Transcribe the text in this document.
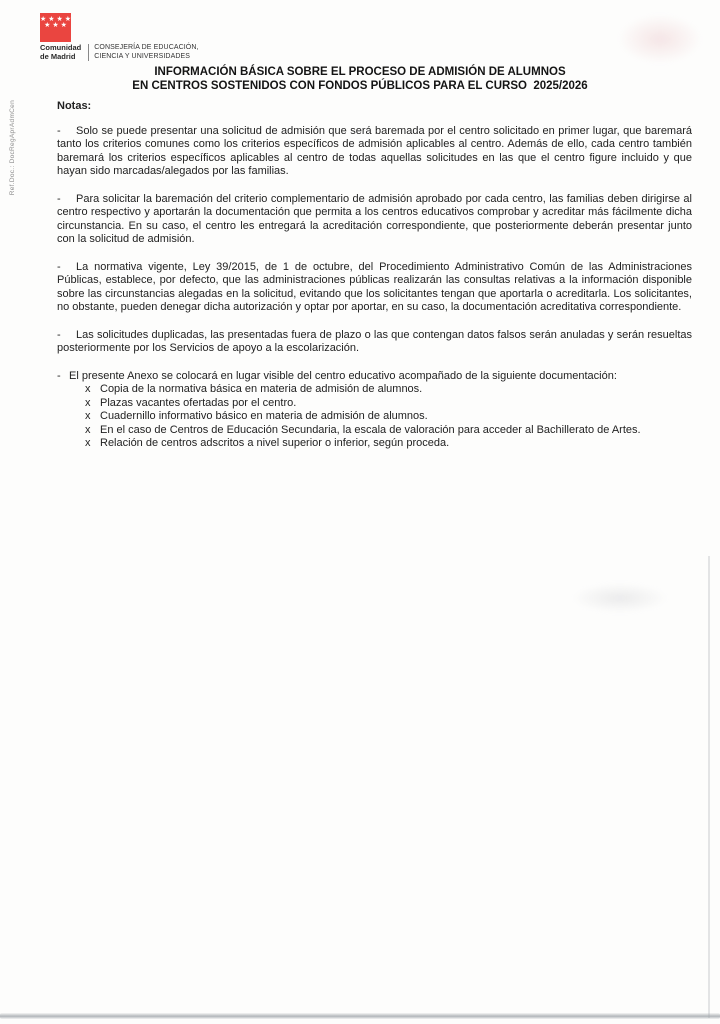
★ ★ ★ ★
★ ★ ★
Comunidad
de Madrid
CONSEJERÍA DE EDUCACIÓN,
CIENCIA Y UNIVERSIDADES
INFORMACIÓN BÁSICA SOBRE EL PROCESO DE ADMISIÓN DE ALUMNOS
EN CENTROS SOSTENIDOS CON FONDOS PÚBLICOS PARA EL CURSO  2025/2026
Ref.Doc.: DocRegAprAdmCen	Notas:
- Solo se puede presentar una solicitud de admisión que será baremada por el centro solicitado en primer lugar, que baremará tanto los criterios comunes como los criterios específicos de admisión aplicables al centro. Además de ello, cada centro también baremará los criterios específicos aplicables al centro de todas aquellas solicitudes en las que el centro figure incluido y que hayan sido marcadas/alegados por las familias.
- Para solicitar la baremación del criterio complementario de admisión aprobado por cada centro, las familias deben dirigirse al centro respectivo y aportarán la documentación que permita a los centros educativos comprobar y acreditar más fácilmente dicha circunstancia. En su caso, el centro les entregará la acreditación correspondiente, que posteriormente deberán presentar junto con la solicitud de admisión.
- La normativa vigente, Ley 39/2015, de 1 de octubre, del Procedimiento Administrativo Común de las Administraciones Públicas, establece, por defecto, que las administraciones públicas realizarán las consultas relativas a la información disponible sobre las circunstancias alegadas en la solicitud, evitando que los solicitantes tengan que aportarla o acreditarla. Los solicitantes, no obstante, pueden denegar dicha autorización y optar por aportar, en su caso, la documentación acreditativa correspondiente.
- Las solicitudes duplicadas, las presentadas fuera de plazo o las que contengan datos falsos serán anuladas y serán resueltas posteriormente por los Servicios de apoyo a la escolarización.
- El presente Anexo se colocará en lugar visible del centro educativo acompañado de la siguiente documentación:
x Copia de la normativa básica en materia de admisión de alumnos.
x Plazas vacantes ofertadas por el centro.
x Cuadernillo informativo básico en materia de admisión de alumnos.
x En el caso de Centros de Educación Secundaria, la escala de valoración para acceder al Bachillerato de Artes.
x Relación de centros adscritos a nivel superior o inferior, según proceda.
